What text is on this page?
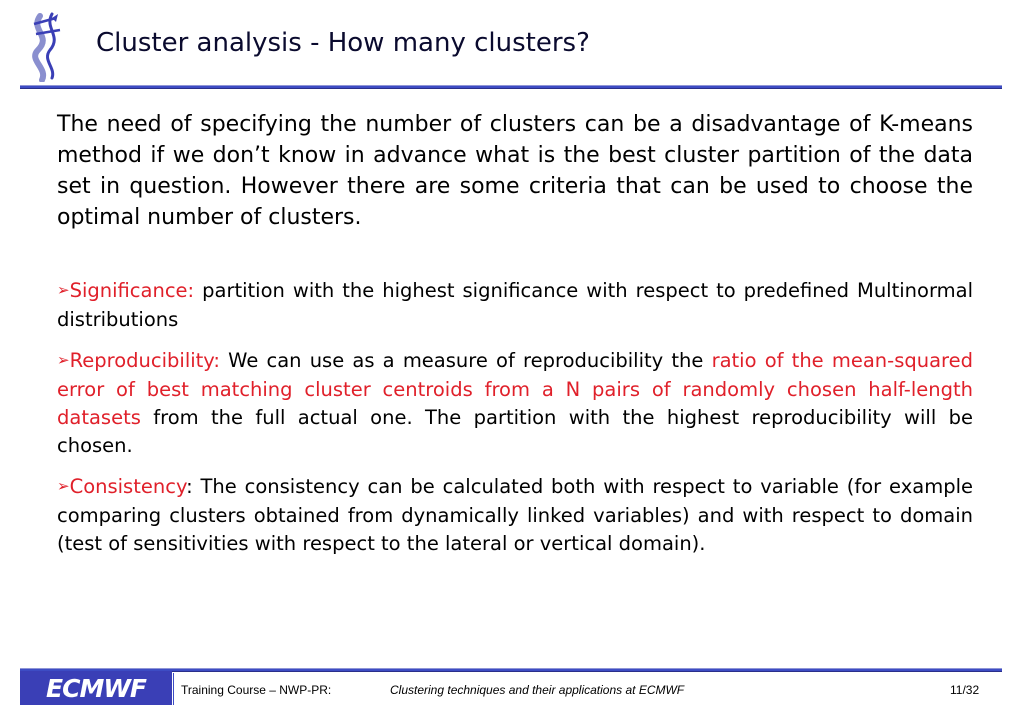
Cluster analysis - How many clusters?
The need of specifying the number of clusters can be a disadvantage of K-means method if we don’t know in advance what is the best cluster partition of the data set in question. However there are some criteria that can be used to choose the optimal number of clusters.

➢Significance: partition with the highest significance with respect to predefined Multinormal distributions

➢Reproducibility: We can use as a measure of reproducibility the ratio of the mean-squared error of best matching cluster centroids from a N pairs of randomly chosen half-length datasets from the full actual one. The partition with the highest reproducibility will be chosen.

➢Consistency: The consistency can be calculated both with respect to variable (for example comparing clusters obtained from dynamically linked variables) and with respect to domain (test of sensitivities with respect to the lateral or vertical domain).

ECMWF	Training Course – NWP-PR:	Clustering techniques and their applications at ECMWF	11/32
